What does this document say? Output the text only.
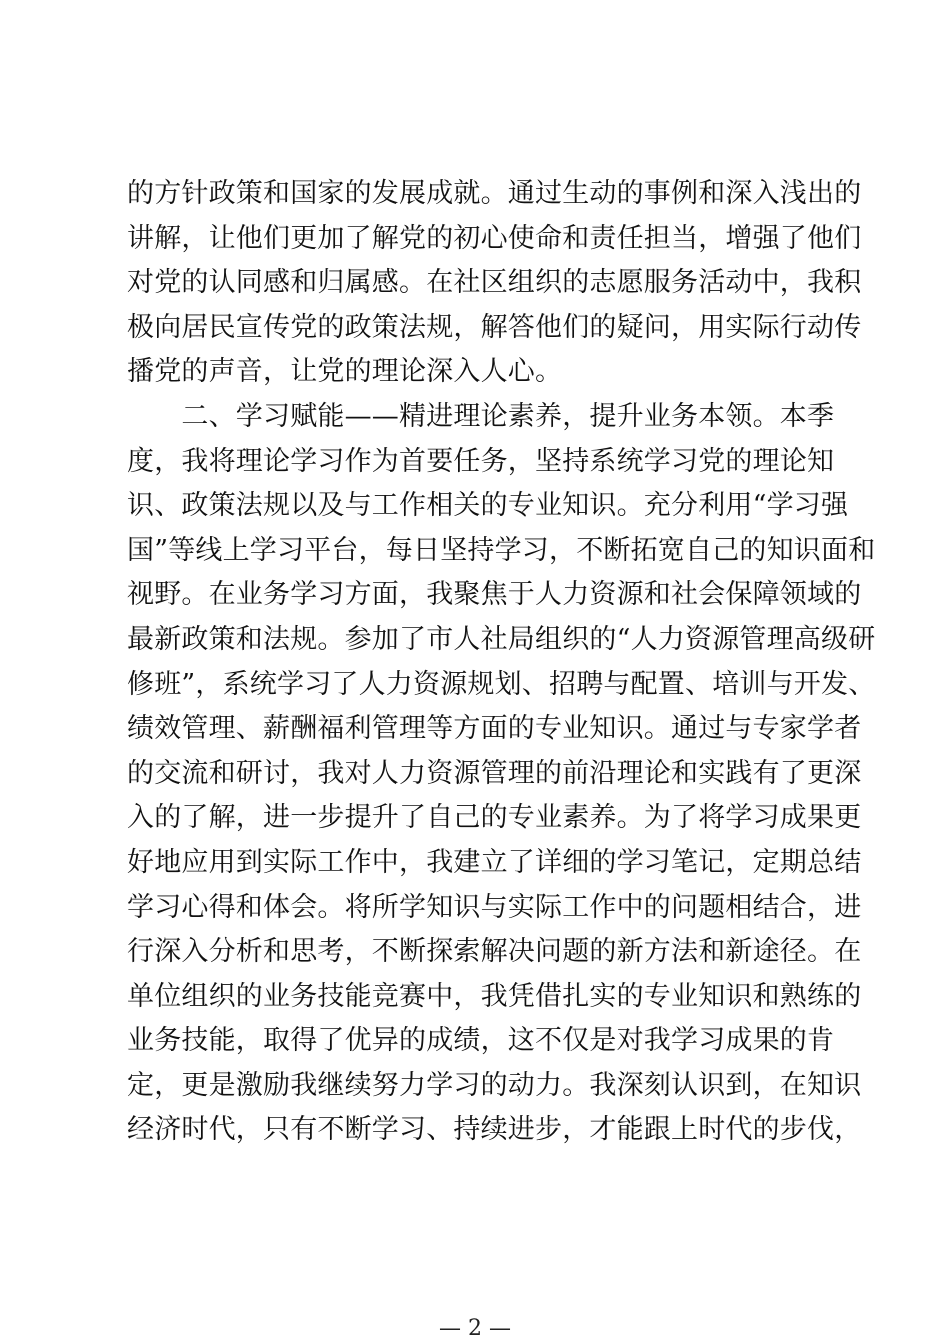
的方针政策和国家的发展成就。通过生动的事例和深入浅出的
讲解，让他们更加了解党的初心使命和责任担当，增强了他们
对党的认同感和归属感。在社区组织的志愿服务活动中，我积
极向居民宣传党的政策法规，解答他们的疑问，用实际行动传
播党的声音，让党的理论深入人心。
　　二、学习赋能——精进理论素养，提升业务本领。本季
度，我将理论学习作为首要任务，坚持系统学习党的理论知
识、政策法规以及与工作相关的专业知识。充分利用“学习强
国”等线上学习平台，每日坚持学习，不断拓宽自己的知识面和
视野。在业务学习方面，我聚焦于人力资源和社会保障领域的
最新政策和法规。参加了市人社局组织的“人力资源管理高级研
修班”，系统学习了人力资源规划、招聘与配置、培训与开发、
绩效管理、薪酬福利管理等方面的专业知识。通过与专家学者
的交流和研讨，我对人力资源管理的前沿理论和实践有了更深
入的了解，进一步提升了自己的专业素养。为了将学习成果更
好地应用到实际工作中，我建立了详细的学习笔记，定期总结
学习心得和体会。将所学知识与实际工作中的问题相结合，进
行深入分析和思考，不断探索解决问题的新方法和新途径。在
单位组织的业务技能竞赛中，我凭借扎实的专业知识和熟练的
业务技能，取得了优异的成绩，这不仅是对我学习成果的肯
定，更是激励我继续努力学习的动力。我深刻认识到，在知识
经济时代，只有不断学习、持续进步，才能跟上时代的步伐，
— 2 —
